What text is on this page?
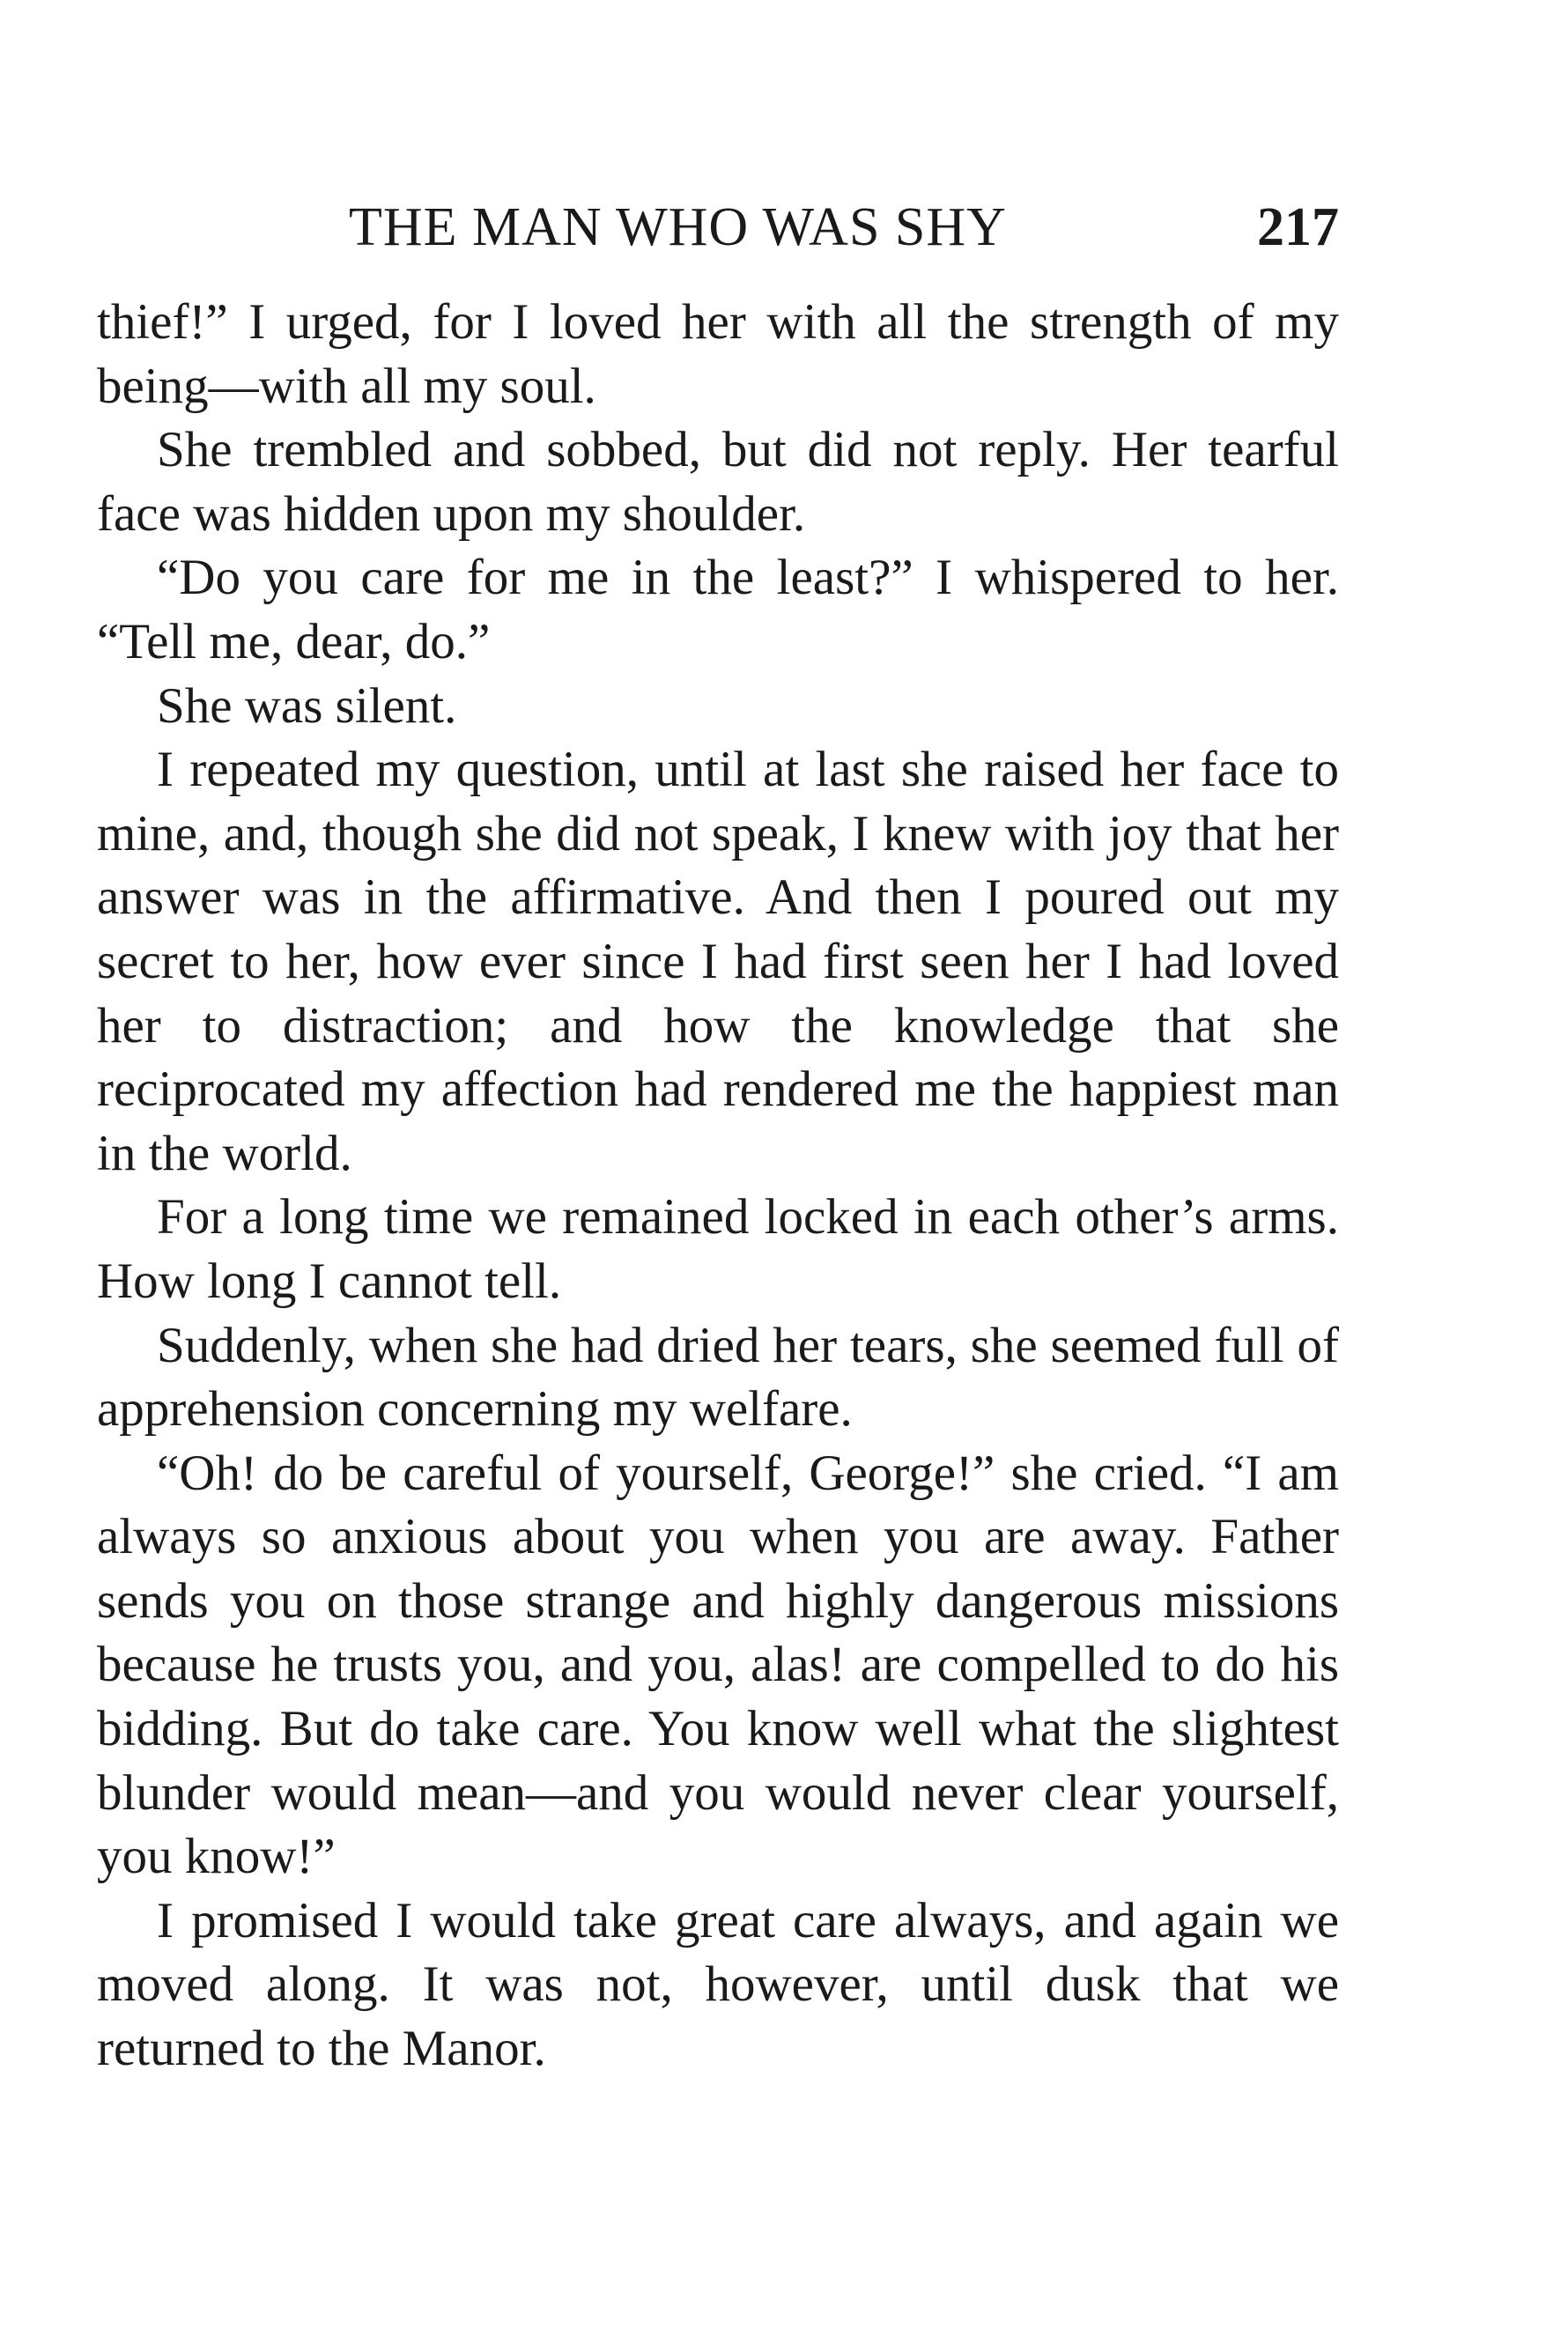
THE MAN WHO WAS SHY	217

thief!” I urged, for I loved her with all the strength of my being—with all my soul.

She trembled and sobbed, but did not reply. Her tearful face was hidden upon my shoulder.

“Do you care for me in the least?” I whispered to her. “Tell me, dear, do.”

She was silent.

I repeated my question, until at last she raised her face to mine, and, though she did not speak, I knew with joy that her answer was in the affirmative. And then I poured out my secret to her, how ever since I had first seen her I had loved her to distraction; and how the knowledge that she reciprocated my affection had rendered me the happiest man in the world.

For a long time we remained locked in each other’s arms. How long I cannot tell.

Suddenly, when she had dried her tears, she seemed full of apprehension concerning my welfare.

“Oh! do be careful of yourself, George!” she cried. “I am always so anxious about you when you are away. Father sends you on those strange and highly dangerous missions because he trusts you, and you, alas! are compelled to do his bidding. But do take care. You know well what the slightest blunder would mean—and you would never clear yourself, you know!”

I promised I would take great care always, and again we moved along. It was not, however, until dusk that we returned to the Manor.
